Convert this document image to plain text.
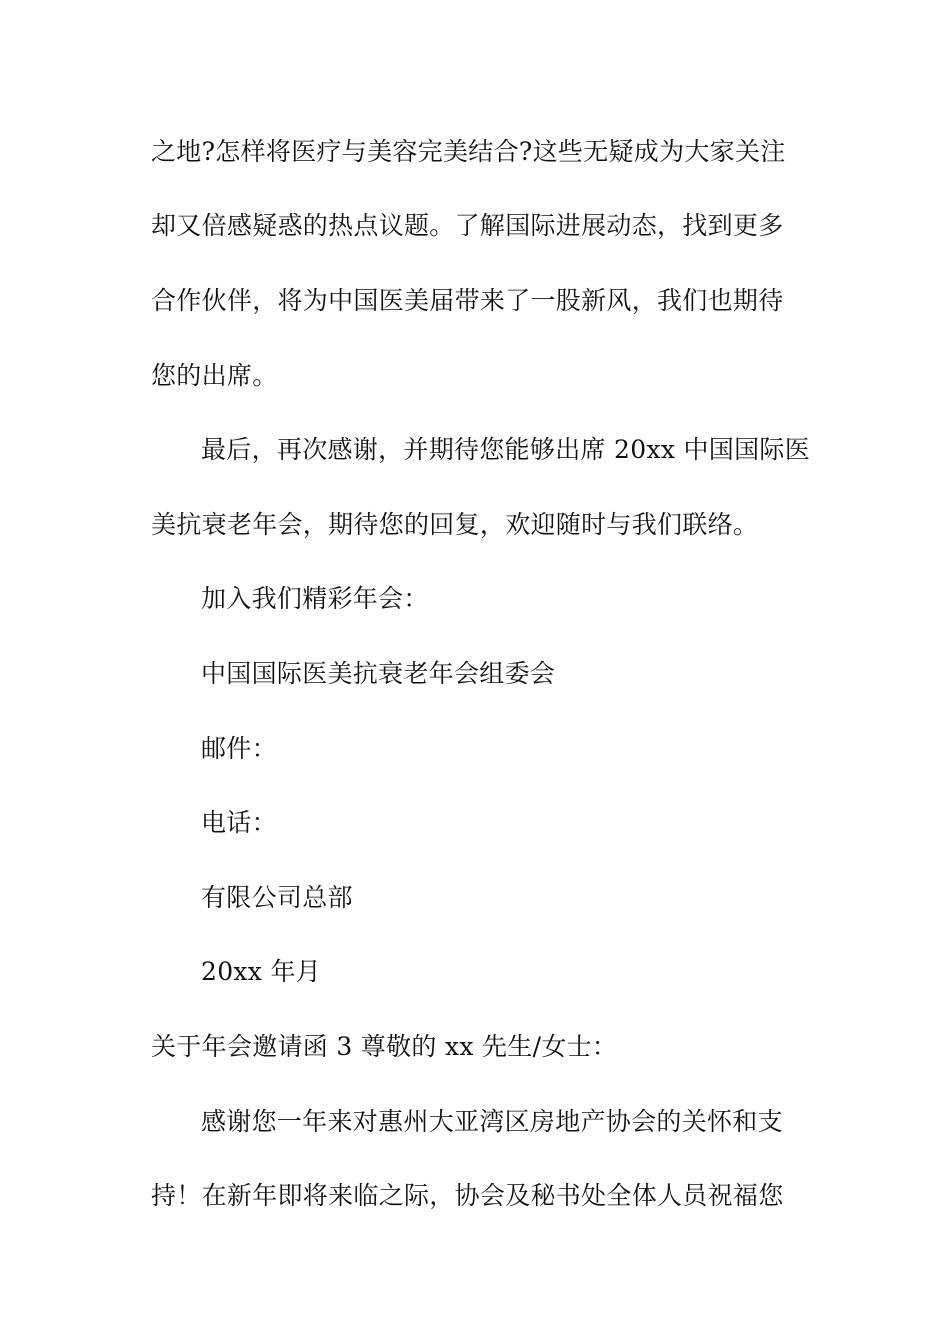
之地?怎样将医疗与美容完美结合?这些无疑成为大家关注
却又倍感疑惑的热点议题。了解国际进展动态，找到更多
合作伙伴，将为中国医美届带来了一股新风，我们也期待
您的出席。
最后，再次感谢，并期待您能够出席 20xx 中国国际医
美抗衰老年会，期待您的回复，欢迎随时与我们联络。
加入我们精彩年会：
中国国际医美抗衰老年会组委会
邮件：
电话：
有限公司总部
20xx 年月
关于年会邀请函 3 尊敬的 xx 先生/女士：
感谢您一年来对惠州大亚湾区房地产协会的关怀和支
持！在新年即将来临之际，协会及秘书处全体人员祝福您
